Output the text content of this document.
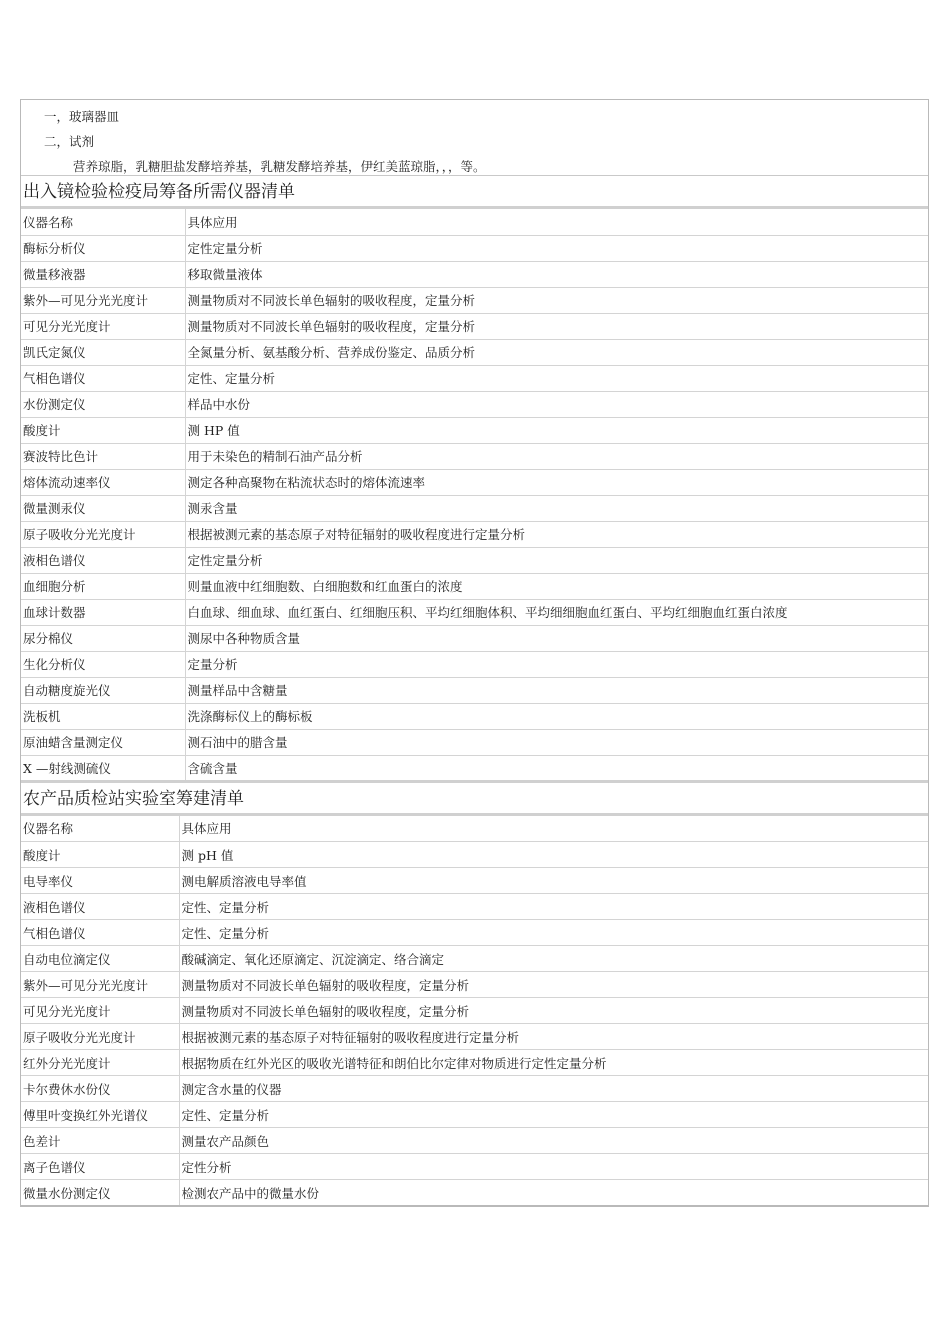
一，玻璃器皿
二，试剂
营养琼脂，乳糖胆盐发酵培养基，乳糖发酵培养基，伊红美蓝琼脂，，，等。
出入镜检验检疫局筹备所需仪器清单
仪器名称	具体应用
酶标分析仪	定性定量分析
微量移液器	移取微量液体
紫外—可见分光光度计	测量物质对不同波长单色辐射的吸收程度，定量分析
可见分光光度计	测量物质对不同波长单色辐射的吸收程度，定量分析
凯氏定氮仪	全氮量分析、氨基酸分析、营养成份鉴定、品质分析
气相色谱仪	定性、定量分析
水份测定仪	样品中水份
酸度计	测 HP 值
赛波特比色计	用于未染色的精制石油产品分析
熔体流动速率仪	测定各种高聚物在粘流状态时的熔体流速率
微量测汞仪	测汞含量
原子吸收分光光度计	根据被测元素的基态原子对特征辐射的吸收程度进行定量分析
液相色谱仪	定性定量分析
血细胞分析	则量血液中红细胞数、白细胞数和红血蛋白的浓度
血球计数器	白血球、细血球、血红蛋白、红细胞压积、平均红细胞体积、平均细细胞血红蛋白、平均红细胞血红蛋白浓度
尿分棉仪	测尿中各种物质含量
生化分析仪	定量分析
自动糖度旋光仪	测量样品中含糖量
洗板机	洗涤酶标仪上的酶标板
原油蜡含量测定仪	测石油中的腊含量
X —射线测硫仪	含硫含量
农产品质检站实验室筹建清单
仪器名称	具体应用
酸度计	测 pH 值
电导率仪	测电解质溶液电导率值
液相色谱仪	定性、定量分析
气相色谱仪	定性、定量分析
自动电位滴定仪	酸碱滴定、氧化还原滴定、沉淀滴定、络合滴定
紫外—可见分光光度计	测量物质对不同波长单色辐射的吸收程度，定量分析
可见分光光度计	测量物质对不同波长单色辐射的吸收程度，定量分析
原子吸收分光光度计	根据被测元素的基态原子对特征辐射的吸收程度进行定量分析
红外分光光度计	根据物质在红外光区的吸收光谱特征和朗伯比尔定律对物质进行定性定量分析
卡尔费休水份仪	测定含水量的仪器
傅里叶变换红外光谱仪	定性、定量分析
色差计	测量农产品颜色
离子色谱仪	定性分析
微量水份测定仪	检测农产品中的微量水份
